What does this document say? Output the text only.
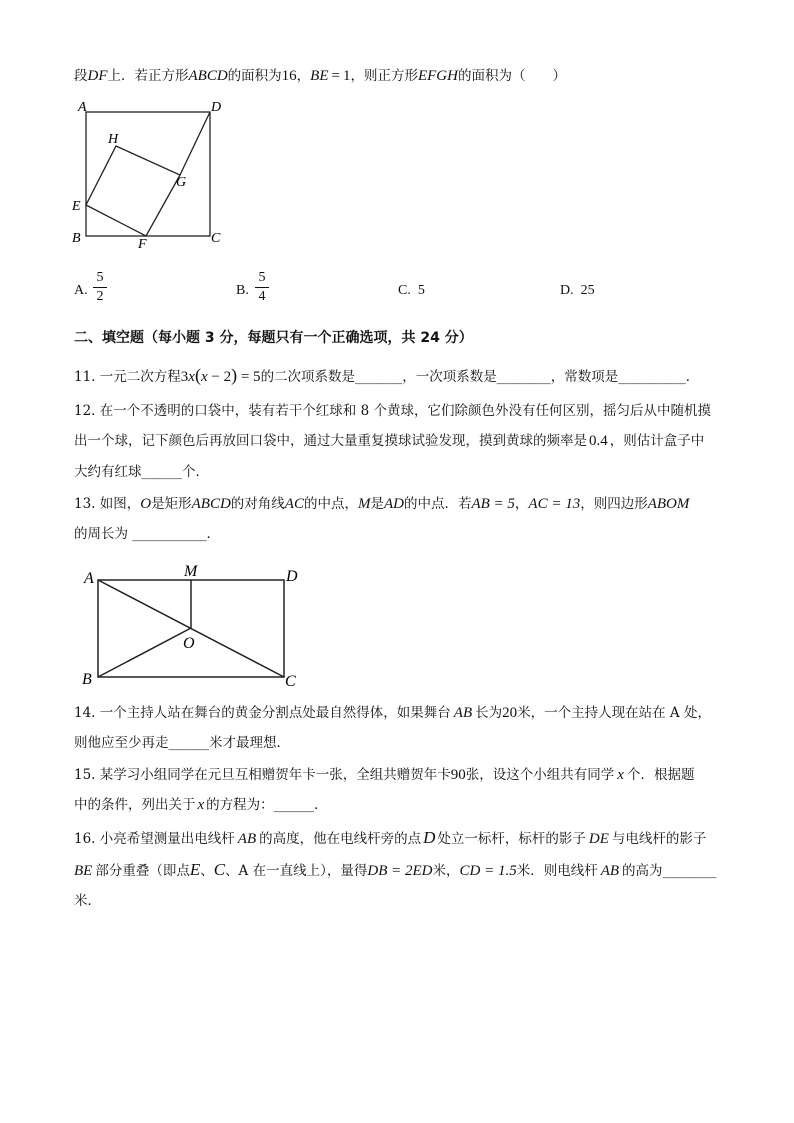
段DF上．若正方形ABCD的面积为16，BE = 1，则正方形EFGH的面积为（　　）
A	D
H
G
E
B	F	C
A.
5
2	B.
5
4	C. 5	D. 25
二、填空题（每小题 3 分，每题只有一个正确选项，共 24 分）
11. 一元二次方程3x(x − 2) = 5的二次项系数是_______，一次项系数是________，常数项是__________．
12. 在一个不透明的口袋中，装有若干个红球和 8 个黄球，它们除颜色外没有任何区别，摇匀后从中随机摸
出一个球，记下颜色后再放回口袋中，通过大量重复摸球试验发现，摸到黄球的频率是 0.4 ，则估计盒子中
大约有红球______个．
13. 如图，O是矩形ABCD的对角线AC的中点，M是AD的中点．若AB = 5，AC = 13，则四边形ABOM
的周长为 ___________．
A	M	D
O
B	C
14. 一个主持人站在舞台的黄金分割点处最自然得体，如果舞台 AB 长为20米，一个主持人现在站在 A 处，
则他应至少再走______米才最理想．
15. 某学习小组同学在元旦互相赠贺年卡一张，全组共赠贺年卡90张，设这个小组共有同学 x 个．根据题
中的条件，列出关于 x 的方程为：______．
16. 小亮希望测量出电线杆 AB 的高度，他在电线杆旁的点 D 处立一标杆，标杆的影子 DE 与电线杆的影子
BE 部分重叠（即点E、C、A 在一直线上），量得DB = 2ED米，CD = 1.5米．则电线杆 AB 的高为________
米．
